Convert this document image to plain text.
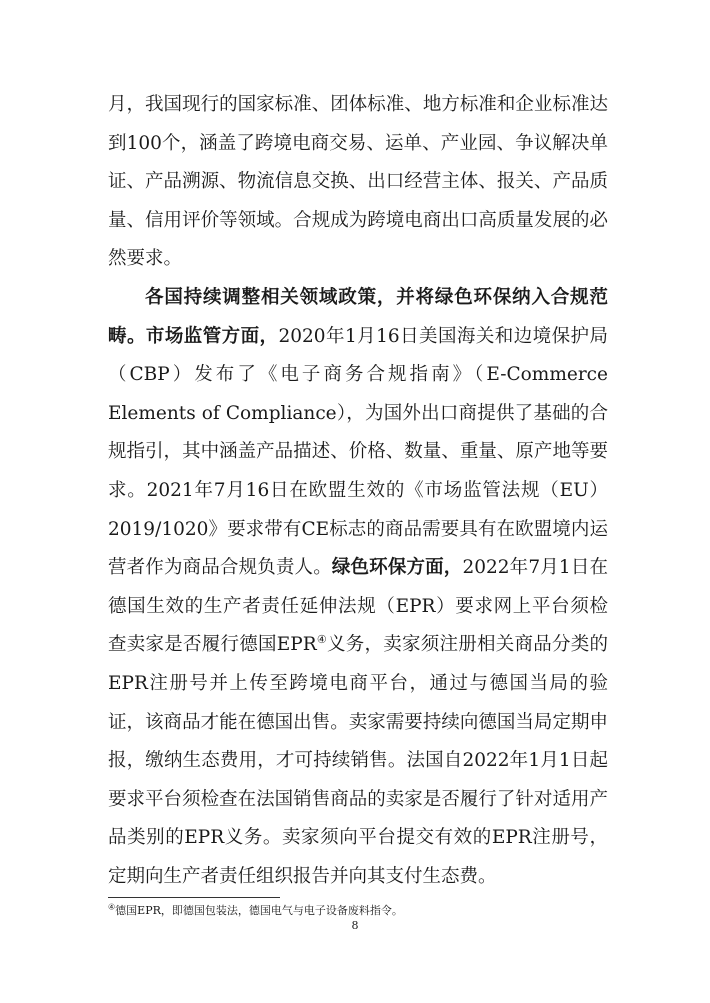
月，我国现行的国家标准、团体标准、地方标准和企业标准达到100个，涵盖了跨境电商交易、运单、产业园、争议解决单证、产品溯源、物流信息交换、出口经营主体、报关、产品质量、信用评价等领域。合规成为跨境电商出口高质量发展的必然要求。

各国持续调整相关领域政策，并将绿色环保纳入合规范畴。市场监管方面，2020年1月16日美国海关和边境保护局（CBP）发布了《电子商务合规指南》（E-Commerce Elements of Compliance），为国外出口商提供了基础的合规指引，其中涵盖产品描述、价格、数量、重量、原产地等要求。2021年7月16日在欧盟生效的《市场监管法规（EU）2019/1020》要求带有CE标志的商品需要具有在欧盟境内运营者作为商品合规负责人。绿色环保方面，2022年7月1日在德国生效的生产者责任延伸法规（EPR）要求网上平台须检查卖家是否履行德国EPR④义务，卖家须注册相关商品分类的EPR注册号并上传至跨境电商平台，通过与德国当局的验证，该商品才能在德国出售。卖家需要持续向德国当局定期申报，缴纳生态费用，才可持续销售。法国自2022年1月1日起要求平台须检查在法国销售商品的卖家是否履行了针对适用产品类别的EPR义务。卖家须向平台提交有效的EPR注册号，定期向生产者责任组织报告并向其支付生态费。

④德国EPR，即德国包装法，德国电气与电子设备废料指令。
8
